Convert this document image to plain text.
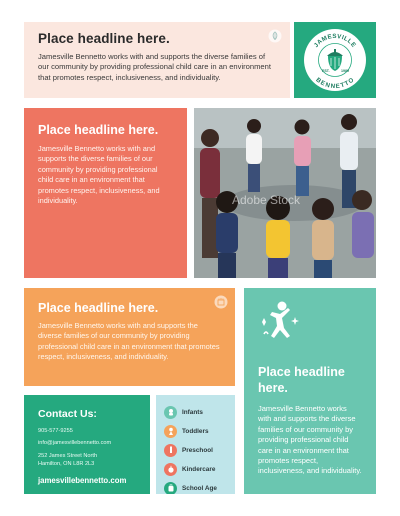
Place headline here.
Jamesville Bennetto works with and supports the diverse families of our community by providing professional child care in an environment that promotes respect, inclusiveness, and individuality.
JAMESVILLE
BENNETTO
EST.	1989
Place headline here.
Jamesville Bennetto works with and supports the diverse families of our community by providing professional child care in an environment that promotes respect, inclusiveness, and individuality.	Adobe Stock
Place headline here.
Jamesville Bennetto works with and supports the diverse families of our community by providing professional child care in an environment that promotes respect, inclusiveness, and individuality.
Place headline here.
Jamesville Bennetto works with and supports the diverse families of our community by providing professional child care in an environment that promotes respect, inclusiveness, and individuality.
Contact Us:
905-577-9255
info@jamesvillebennetto.com
252 James Street North
Hamilton, ON L8R 2L3
jamesvillebennetto.com
Infants
Toddlers
Preschool
Kindercare
School Age
